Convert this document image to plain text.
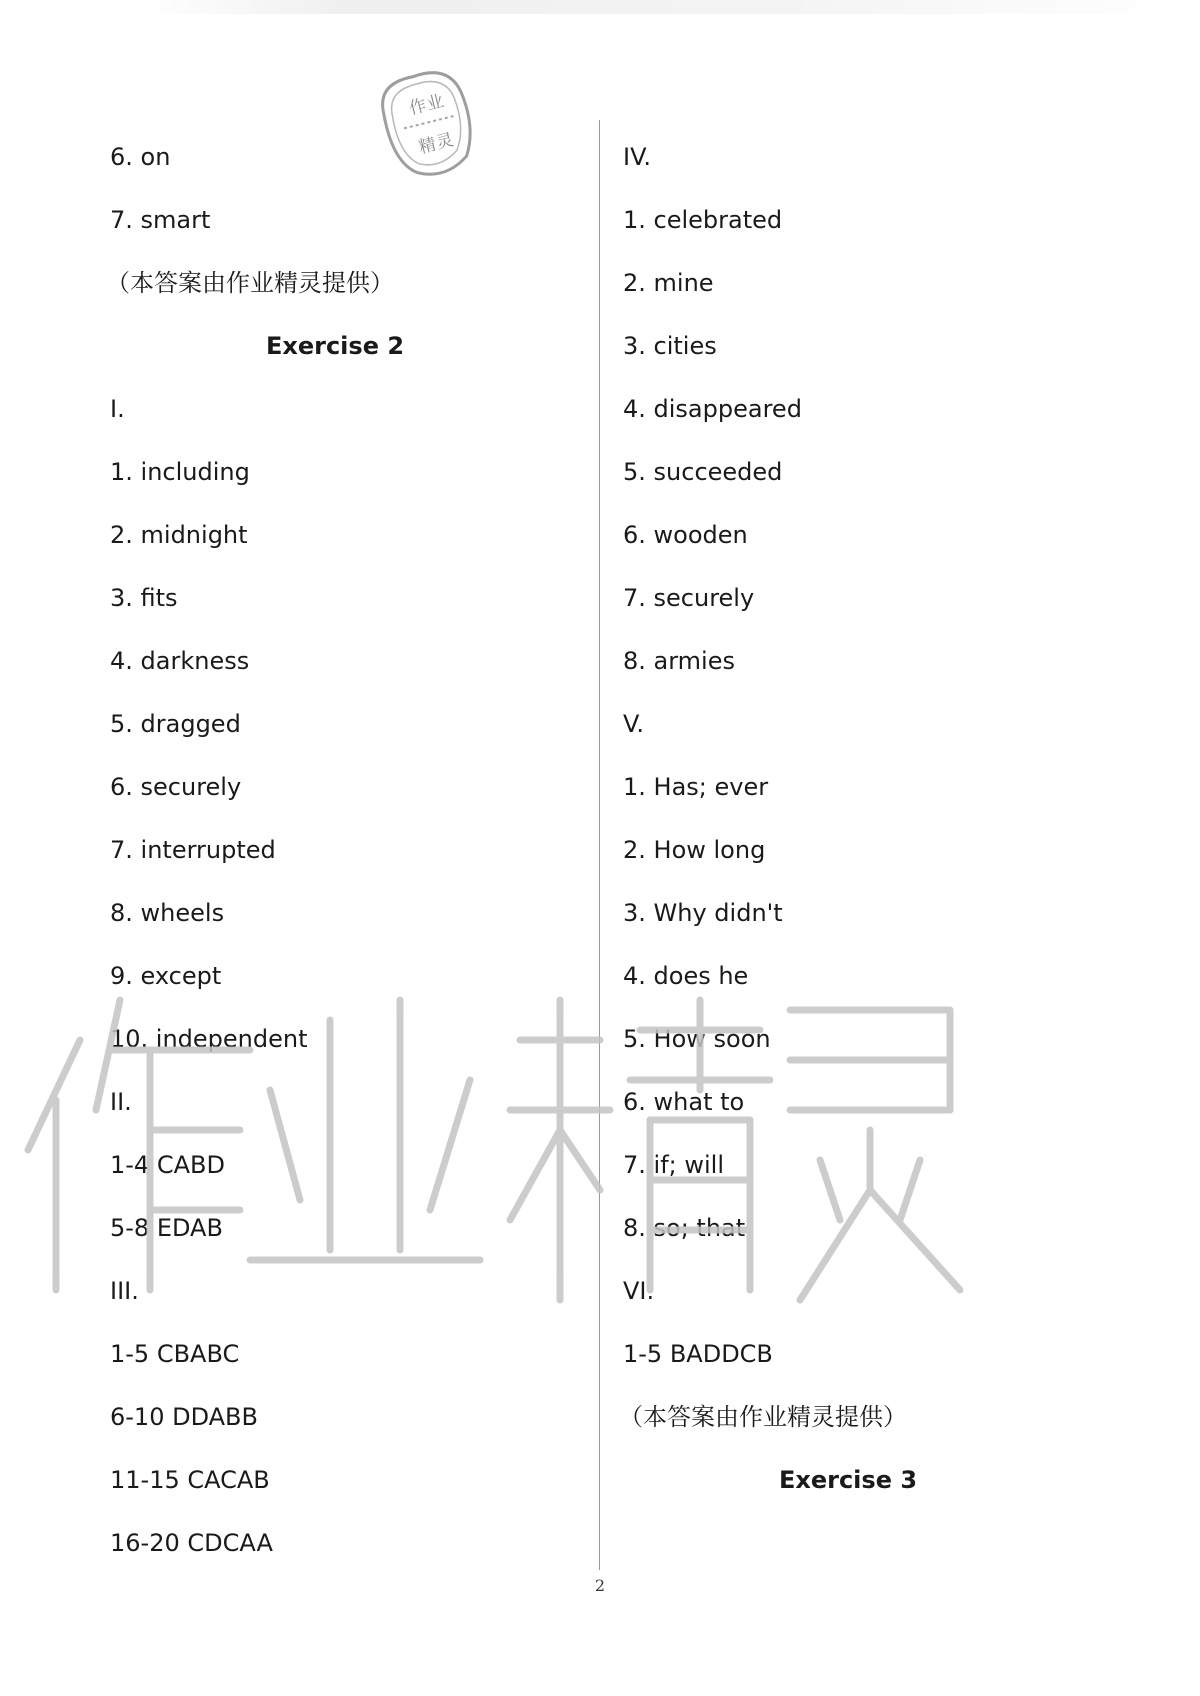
作
业
精
灵
6. on
7. smart
（本答案由作业精灵提供）
Exercise 2
I.
1. including
2. midnight
3. fits
4. darkness
5. dragged
6. securely
7. interrupted
8. wheels
9. except
10. independent
II.
1-4 CABD
5-8 EDAB
III.
1-5 CBABC
6-10 DDABB
11-15 CACAB
16-20 CDCAA
IV.
1. celebrated
2. mine
3. cities
4. disappeared
5. succeeded
6. wooden
7. securely
8. armies
V.
1. Has; ever
2. How long
3. Why didn't
4. does he
5. How soon
6. what to
7. if; will
8. so; that
VI.
1-5 BADDCB
（本答案由作业精灵提供）
Exercise 3
2
